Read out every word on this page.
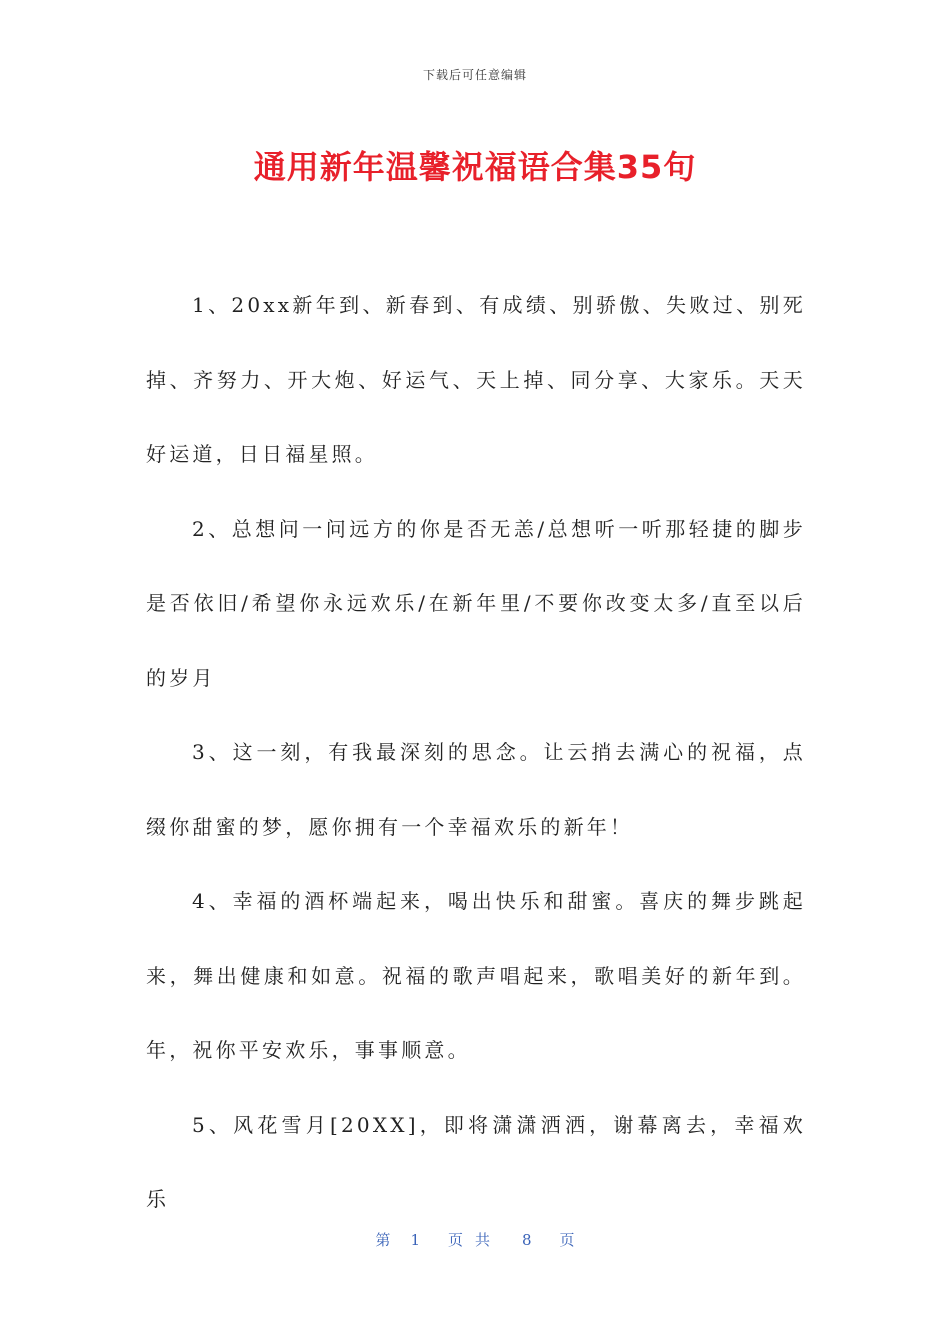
下载后可任意编辑
通用新年温馨祝福语合集35句

1、20xx新年到、新春到、有成绩、别骄傲、失败过、别死掉、齐努力、开大炮、好运气、天上掉、同分享、大家乐。天天好运道，日日福星照。

2、总想问一问远方的你是否无恙/总想听一听那轻捷的脚步是否依旧/希望你永远欢乐/在新年里/不要你改变太多/直至以后的岁月

3、这一刻，有我最深刻的思念。让云捎去满心的祝福，点缀你甜蜜的梦，愿你拥有一个幸福欢乐的新年！

4、幸福的酒杯端起来，喝出快乐和甜蜜。喜庆的舞步跳起来，舞出健康和如意。祝福的歌声唱起来，歌唱美好的新年到。年，祝你平安欢乐，事事顺意。

5、风花雪月[20XX]，即将潇潇洒洒，谢幕离去，幸福欢乐

第 1 页共 8 页
